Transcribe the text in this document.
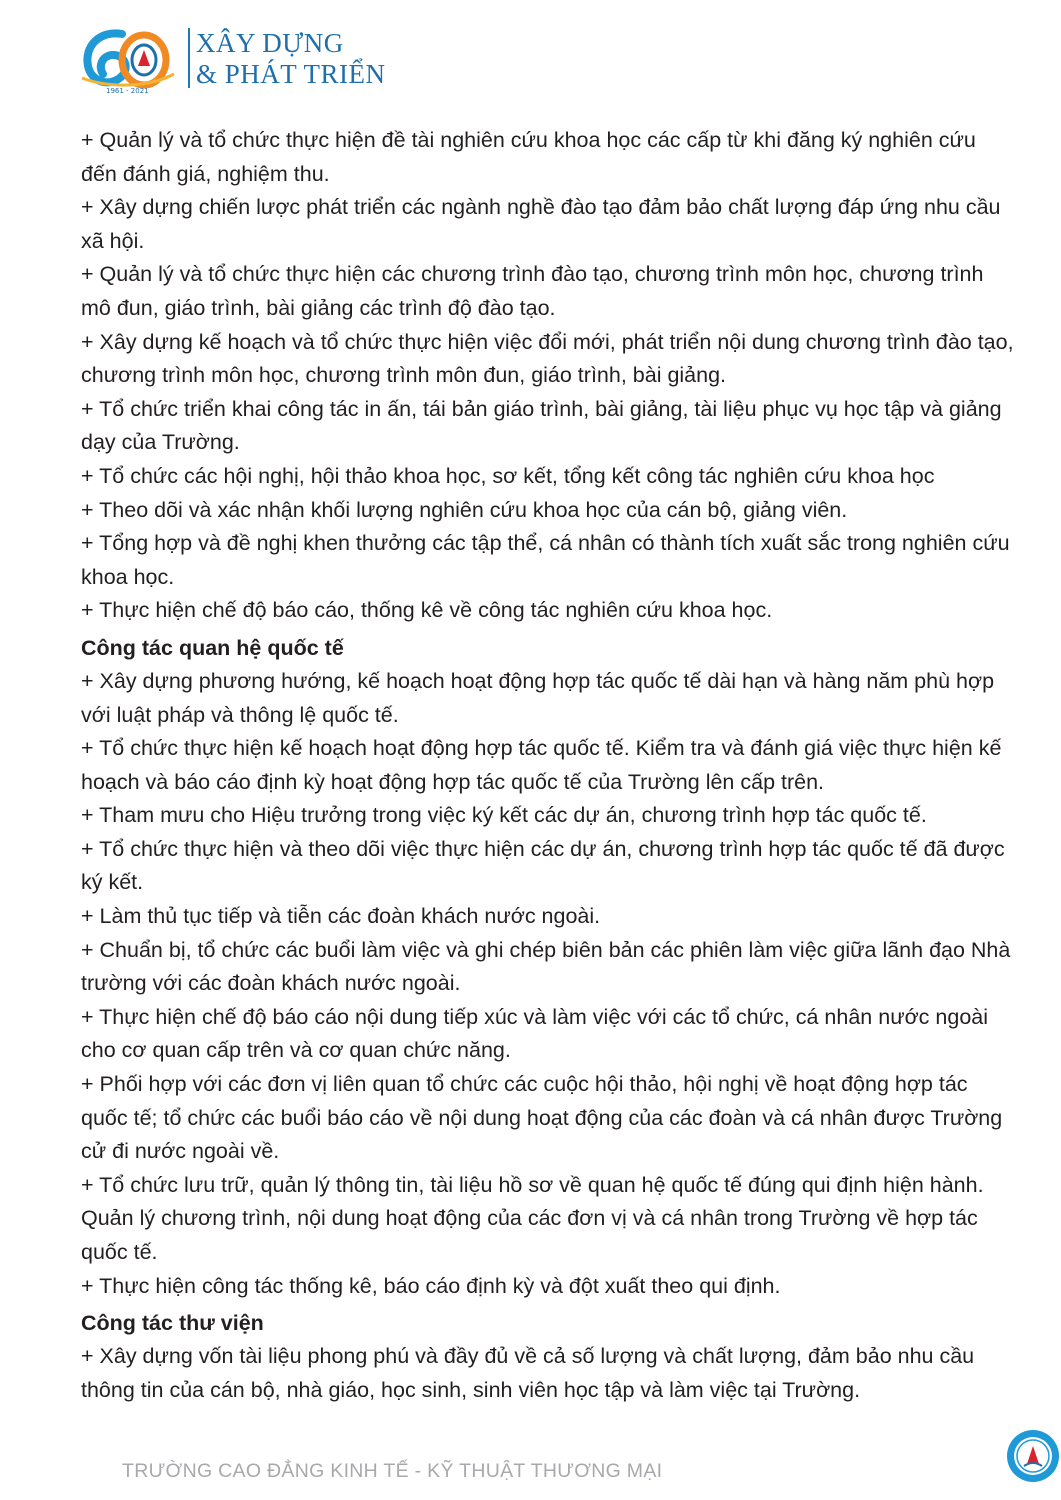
1961 - 2021
XÂY DỰNG
& PHÁT TRIỂN

+ Quản lý và tổ chức thực hiện đề tài nghiên cứu khoa học các cấp từ khi đăng ký nghiên cứu đến đánh giá, nghiệm thu.

+ Xây dựng chiến lược phát triển các ngành nghề đào tạo đảm bảo chất lượng đáp ứng nhu cầu xã hội.

+ Quản lý và tổ chức thực hiện các chương trình đào tạo, chương trình môn học, chương trình mô đun, giáo trình, bài giảng các trình độ đào tạo.

+ Xây dựng kế hoạch và tổ chức thực hiện việc đổi mới, phát triển nội dung chương trình đào tạo, chương trình môn học, chương trình môn đun, giáo trình, bài giảng.

+ Tổ chức triển khai công tác in ấn, tái bản giáo trình, bài giảng, tài liệu phục vụ học tập và giảng dạy của Trường.

+ Tổ chức các hội nghị, hội thảo khoa học, sơ kết, tổng kết công tác nghiên cứu khoa học

+ Theo dõi và xác nhận khối lượng nghiên cứu khoa học của cán bộ, giảng viên.

+ Tổng hợp và đề nghị khen thưởng các tập thể, cá nhân có thành tích xuất sắc trong nghiên cứu khoa học.

+ Thực hiện chế độ báo cáo, thống kê về công tác nghiên cứu khoa học.

Công tác quan hệ quốc tế

+ Xây dựng phương hướng, kế hoạch hoạt động hợp tác quốc tế dài hạn và hàng năm phù hợp với luật pháp và thông lệ quốc tế.

+ Tổ chức thực hiện kế hoạch hoạt động hợp tác quốc tế. Kiểm tra và đánh giá việc thực hiện kế hoạch và báo cáo định kỳ hoạt động hợp tác quốc tế của Trường lên cấp trên.

+ Tham mưu cho Hiệu trưởng trong việc ký kết các dự án, chương trình hợp tác quốc tế.

+ Tổ chức thực hiện và theo dõi việc thực hiện các dự án, chương trình hợp tác quốc tế đã được ký kết.

+ Làm thủ tục tiếp và tiễn các đoàn khách nước ngoài.

+ Chuẩn bị, tổ chức các buổi làm việc và ghi chép biên bản các phiên làm việc giữa lãnh đạo Nhà trường với các đoàn khách nước ngoài.

+ Thực hiện chế độ báo cáo nội dung tiếp xúc và làm việc với các tổ chức, cá nhân nước ngoài cho cơ quan cấp trên và cơ quan chức năng.

+ Phối hợp với các đơn vị liên quan tổ chức các cuộc hội thảo, hội nghị về hoạt động hợp tác quốc tế; tổ chức các buổi báo cáo về nội dung hoạt động của các đoàn và cá nhân được Trường cử đi nước ngoài về.

+ Tổ chức lưu trữ, quản lý thông tin, tài liệu hồ sơ về quan hệ quốc tế đúng qui định hiện hành. Quản lý chương trình, nội dung hoạt động của các đơn vị và cá nhân trong Trường về hợp tác quốc tế.

+ Thực hiện công tác thống kê, báo cáo định kỳ và đột xuất theo qui định.

Công tác thư viện

+ Xây dựng vốn tài liệu phong phú và đầy đủ về cả số lượng và chất lượng, đảm bảo nhu cầu thông tin của cán bộ, nhà giáo, học sinh, sinh viên học tập và làm việc tại Trường.

TRƯỜNG CAO ĐẲNG KINH TẾ - KỸ THUẬT THƯƠNG MẠI
